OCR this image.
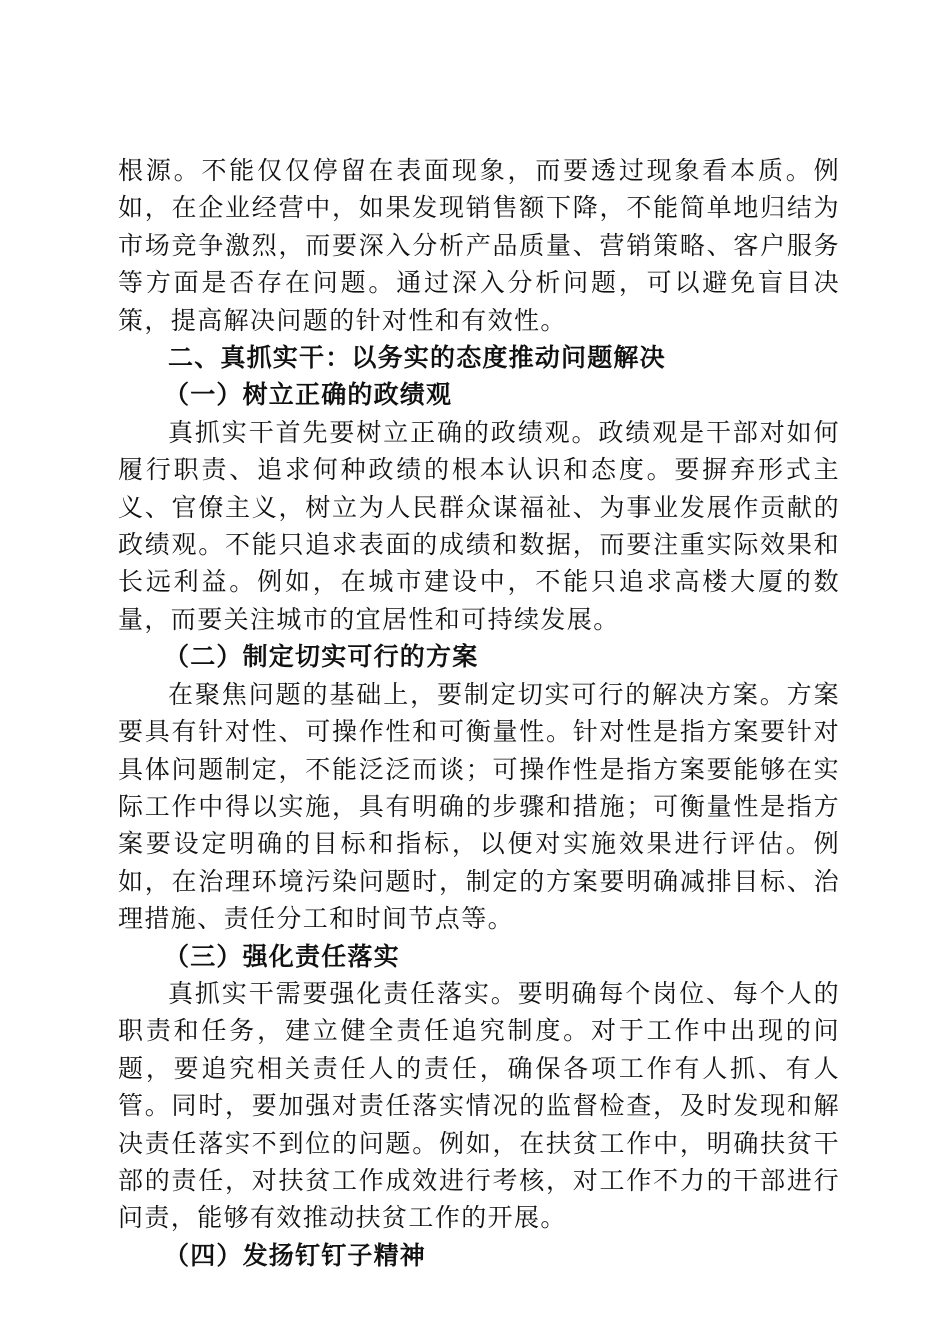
根源。不能仅仅停留在表面现象，而要透过现象看本质。例如，在企业经营中，如果发现销售额下降，不能简单地归结为市场竞争激烈，而要深入分析产品质量、营销策略、客户服务等方面是否存在问题。通过深入分析问题，可以避免盲目决策，提高解决问题的针对性和有效性。

二、真抓实干：以务实的态度推动问题解决

（一）树立正确的政绩观

真抓实干首先要树立正确的政绩观。政绩观是干部对如何履行职责、追求何种政绩的根本认识和态度。要摒弃形式主义、官僚主义，树立为人民群众谋福祉、为事业发展作贡献的政绩观。不能只追求表面的成绩和数据，而要注重实际效果和长远利益。例如，在城市建设中，不能只追求高楼大厦的数量，而要关注城市的宜居性和可持续发展。

（二）制定切实可行的方案

在聚焦问题的基础上，要制定切实可行的解决方案。方案要具有针对性、可操作性和可衡量性。针对性是指方案要针对具体问题制定，不能泛泛而谈；可操作性是指方案要能够在实际工作中得以实施，具有明确的步骤和措施；可衡量性是指方案要设定明确的目标和指标，以便对实施效果进行评估。例如，在治理环境污染问题时，制定的方案要明确减排目标、治理措施、责任分工和时间节点等。

（三）强化责任落实

真抓实干需要强化责任落实。要明确每个岗位、每个人的职责和任务，建立健全责任追究制度。对于工作中出现的问题，要追究相关责任人的责任，确保各项工作有人抓、有人管。同时，要加强对责任落实情况的监督检查，及时发现和解决责任落实不到位的问题。例如，在扶贫工作中，明确扶贫干部的责任，对扶贫工作成效进行考核，对工作不力的干部进行问责，能够有效推动扶贫工作的开展。

（四）发扬钉钉子精神
